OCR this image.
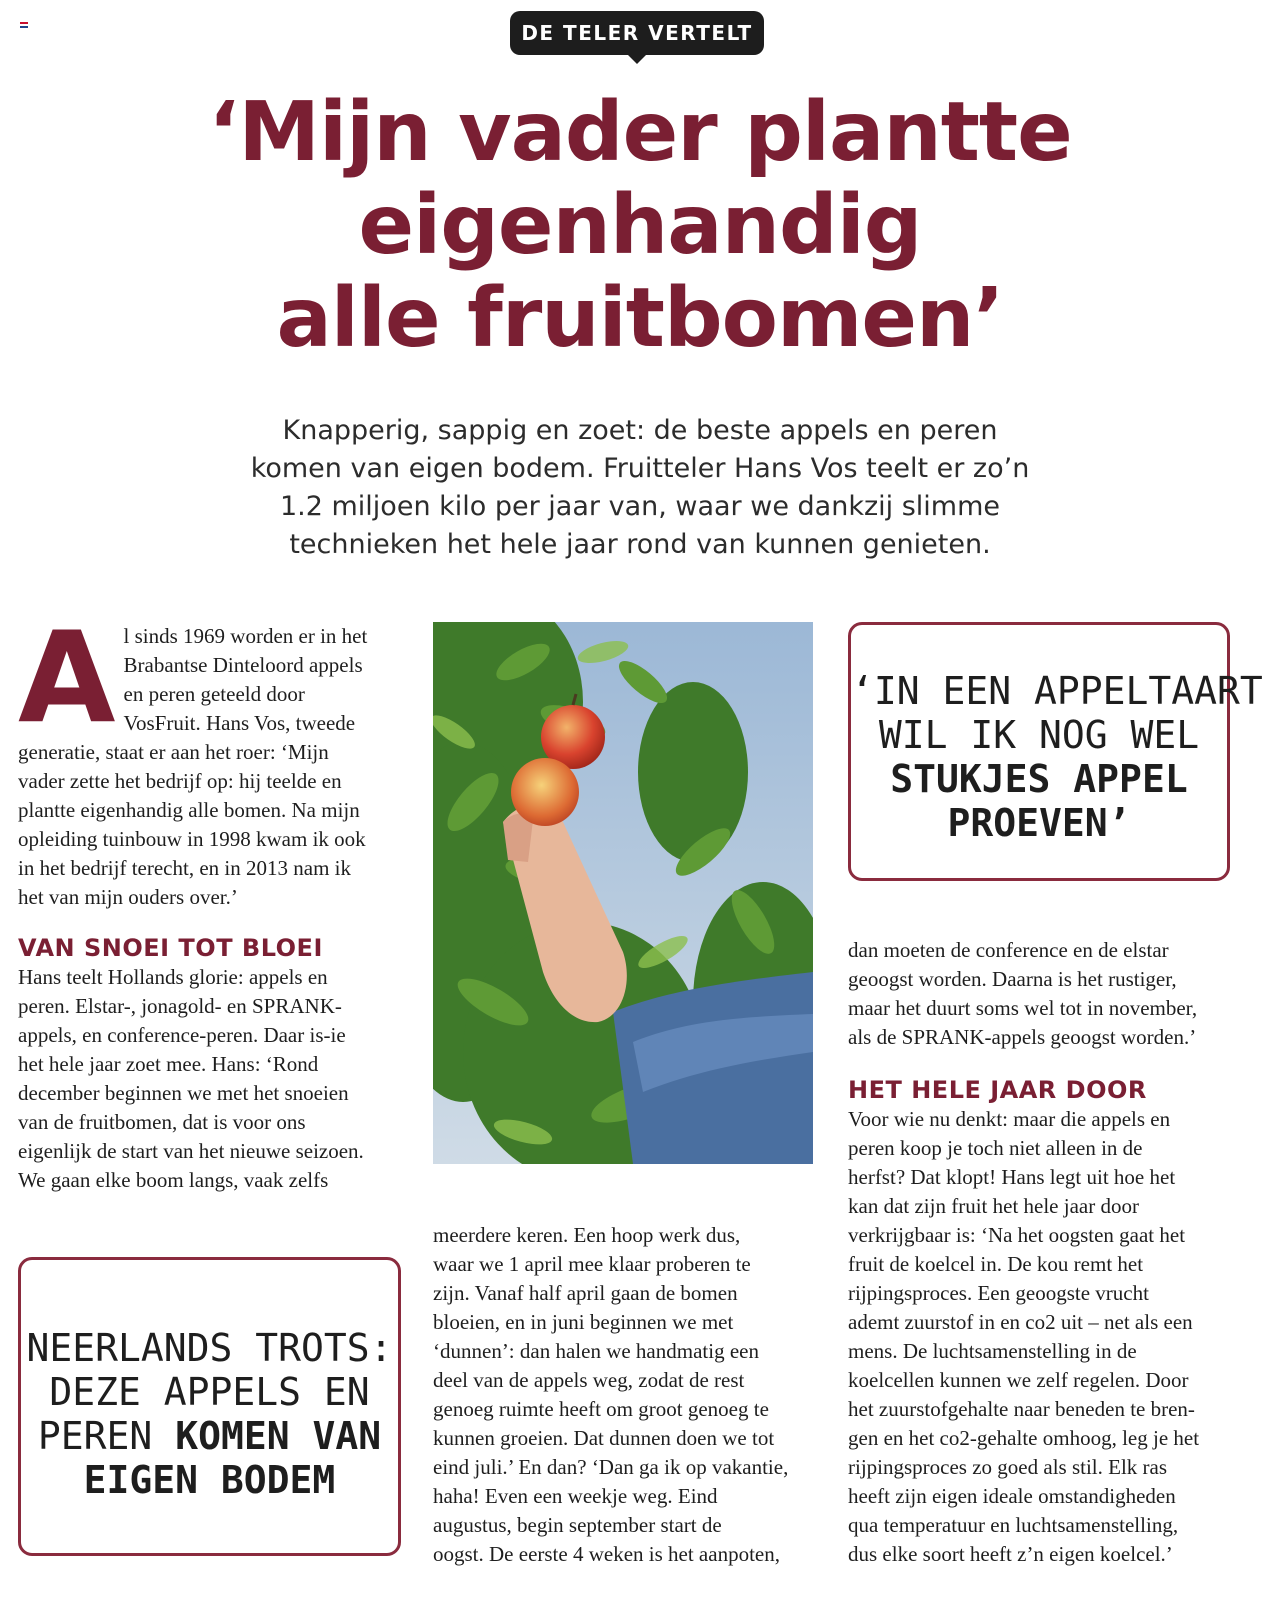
DE TELER VERTELT
‘Mijn vader plantte
eigenhandig
alle fruitbomen’

Knapperig, sappig en zoet: de beste appels en peren
komen van eigen bodem. Fruitteler Hans Vos teelt er zo’n
1.2 miljoen kilo per jaar van, waar we dankzij slimme
technieken het hele jaar rond van kunnen genieten.

A l sinds 1969 worden er in het
Brabantse Dinteloord appels
en peren geteeld door
VosFruit. Hans Vos, tweede
generatie, staat er aan het roer: ‘Mijn
vader zette het bedrijf op: hij teelde en
plantte eigenhandig alle bomen. Na mijn
opleiding tuinbouw in 1998 kwam ik ook
in het bedrijf terecht, en in 2013 nam ik
het van mijn ouders over.’

VAN SNOEI TOT BLOEI

Hans teelt Hollands glorie: appels en
peren. Elstar-, jonagold- en SPRANK-
appels, en conference-peren. Daar is-ie
het hele jaar zoet mee. Hans: ‘Rond
december beginnen we met het snoeien
van de fruitbomen, dat is voor ons
eigenlijk de start van het nieuwe seizoen.
We gaan elke boom langs, vaak zelfs

NEERLANDS TROTS:
DEZE APPELS EN
PEREN KOMEN VAN
EIGEN BODEM

meerdere keren. Een hoop werk dus,
waar we 1 april mee klaar proberen te
zijn. Vanaf half april gaan de bomen
bloeien, en in juni beginnen we met
‘dunnen’: dan halen we handmatig een
deel van de appels weg, zodat de rest
genoeg ruimte heeft om groot genoeg te
kunnen groeien. Dat dunnen doen we tot
eind juli.’ En dan? ‘Dan ga ik op vakantie,
haha! Even een weekje weg. Eind
augustus, begin september start de
oogst. De eerste 4 weken is het aanpoten,

‘IN EEN APPELTAART
WIL IK NOG WEL
STUKJES APPEL
PROEVEN’

dan moeten de conference en de elstar
geoogst worden. Daarna is het rustiger,
maar het duurt soms wel tot in november,
als de SPRANK-appels geoogst worden.’

HET HELE JAAR DOOR

Voor wie nu denkt: maar die appels en
peren koop je toch niet alleen in de
herfst? Dat klopt! Hans legt uit hoe het
kan dat zijn fruit het hele jaar door
verkrijgbaar is: ‘Na het oogsten gaat het
fruit de koelcel in. De kou remt het
rijpingsproces. Een geoogste vrucht
ademt zuurstof in en co2 uit – net als een
mens. De luchtsamenstelling in de
koelcellen kunnen we zelf regelen. Door
het zuurstofgehalte naar beneden te bren-
gen en het co2-gehalte omhoog, leg je het
rijpingsproces zo goed als stil. Elk ras
heeft zijn eigen ideale omstandigheden
qua temperatuur en luchtsamenstelling,
dus elke soort heeft z’n eigen koelcel.’
